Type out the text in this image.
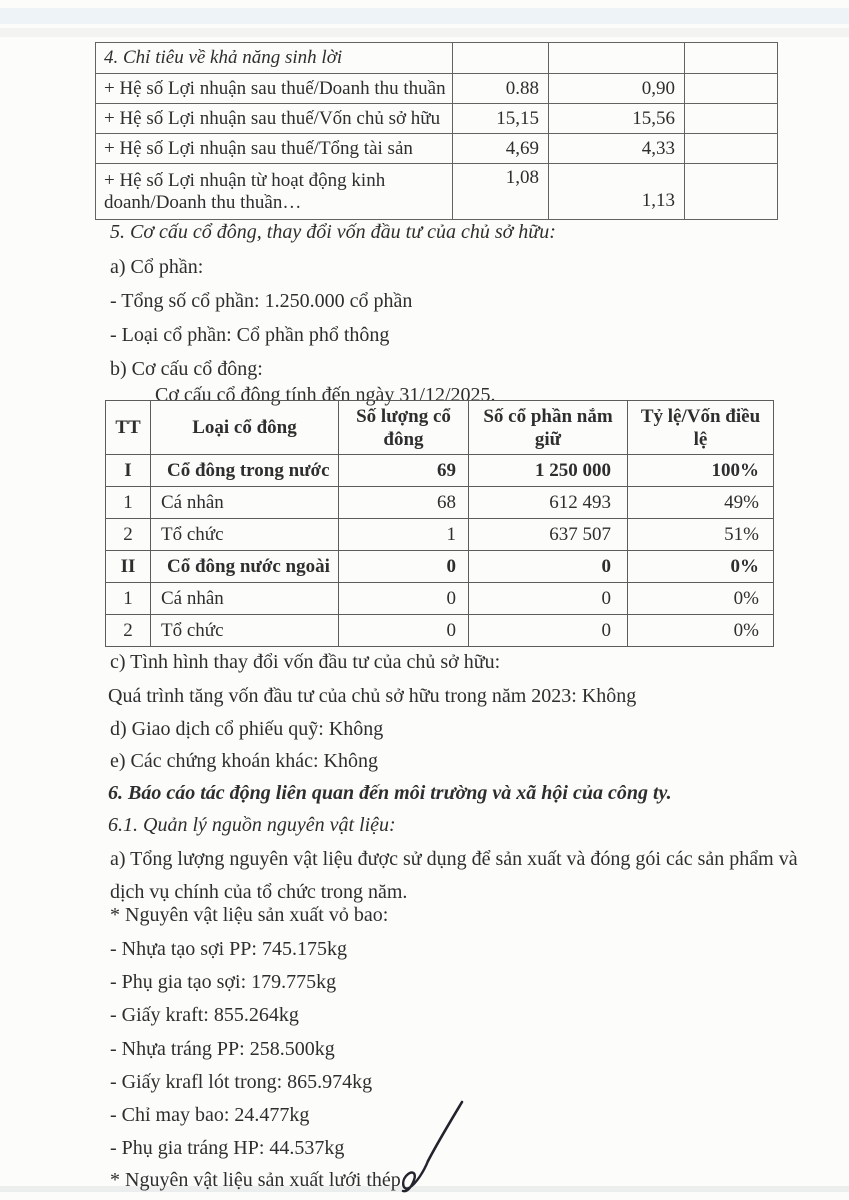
4. Chỉ tiêu về khả năng sinh lời			
+ Hệ số Lợi nhuận sau thuế/Doanh thu thuần	0.88	0,90	
+ Hệ số Lợi nhuận sau thuế/Vốn chủ sở hữu	15,15	15,56	
+ Hệ số Lợi nhuận sau thuế/Tổng tài sản	4,69	4,33	
+ Hệ số Lợi nhuận từ hoạt động kinh doanh/Doanh thu thuần…	1,08	1,13	
5. Cơ cấu cổ đông, thay đổi vốn đầu tư của chủ sở hữu:
a) Cổ phần:
- Tổng số cổ phần: 1.250.000 cổ phần
- Loại cổ phần: Cổ phần phổ thông
b) Cơ cấu cổ đông:
Cơ cấu cổ đông tính đến ngày 31/12/2025.
TT	Loại cổ đông	Số lượng cổ đông	Số cổ phần nắm giữ	Tỷ lệ/Vốn điều lệ
I	Cổ đông trong nước	69	1 250 000	100%
1	Cá nhân	68	612 493	49%
2	Tổ chức	1	637 507	51%
II	Cổ đông nước ngoài	0	0	0%
1	Cá nhân	0	0	0%
2	Tổ chức	0	0	0%
c) Tình hình thay đổi vốn đầu tư của chủ sở hữu:
Quá trình tăng vốn đầu tư của chủ sở hữu trong năm 2023: Không
d) Giao dịch cổ phiếu quỹ: Không
e) Các chứng khoán khác: Không
6. Báo cáo tác động liên quan đến môi trường và xã hội của công ty.
6.1. Quản lý nguồn nguyên vật liệu:
a) Tổng lượng nguyên vật liệu được sử dụng để sản xuất và đóng gói các sản phẩm và dịch vụ chính của tổ chức trong năm.
* Nguyên vật liệu sản xuất vỏ bao:
- Nhựa tạo sợi PP: 745.175kg
- Phụ gia tạo sợi: 179.775kg
- Giấy kraft: 855.264kg
- Nhựa tráng PP: 258.500kg
- Giấy krafl lót trong: 865.974kg
- Chỉ may bao: 24.477kg
- Phụ gia tráng HP: 44.537kg
* Nguyên vật liệu sản xuất lưới thép.
